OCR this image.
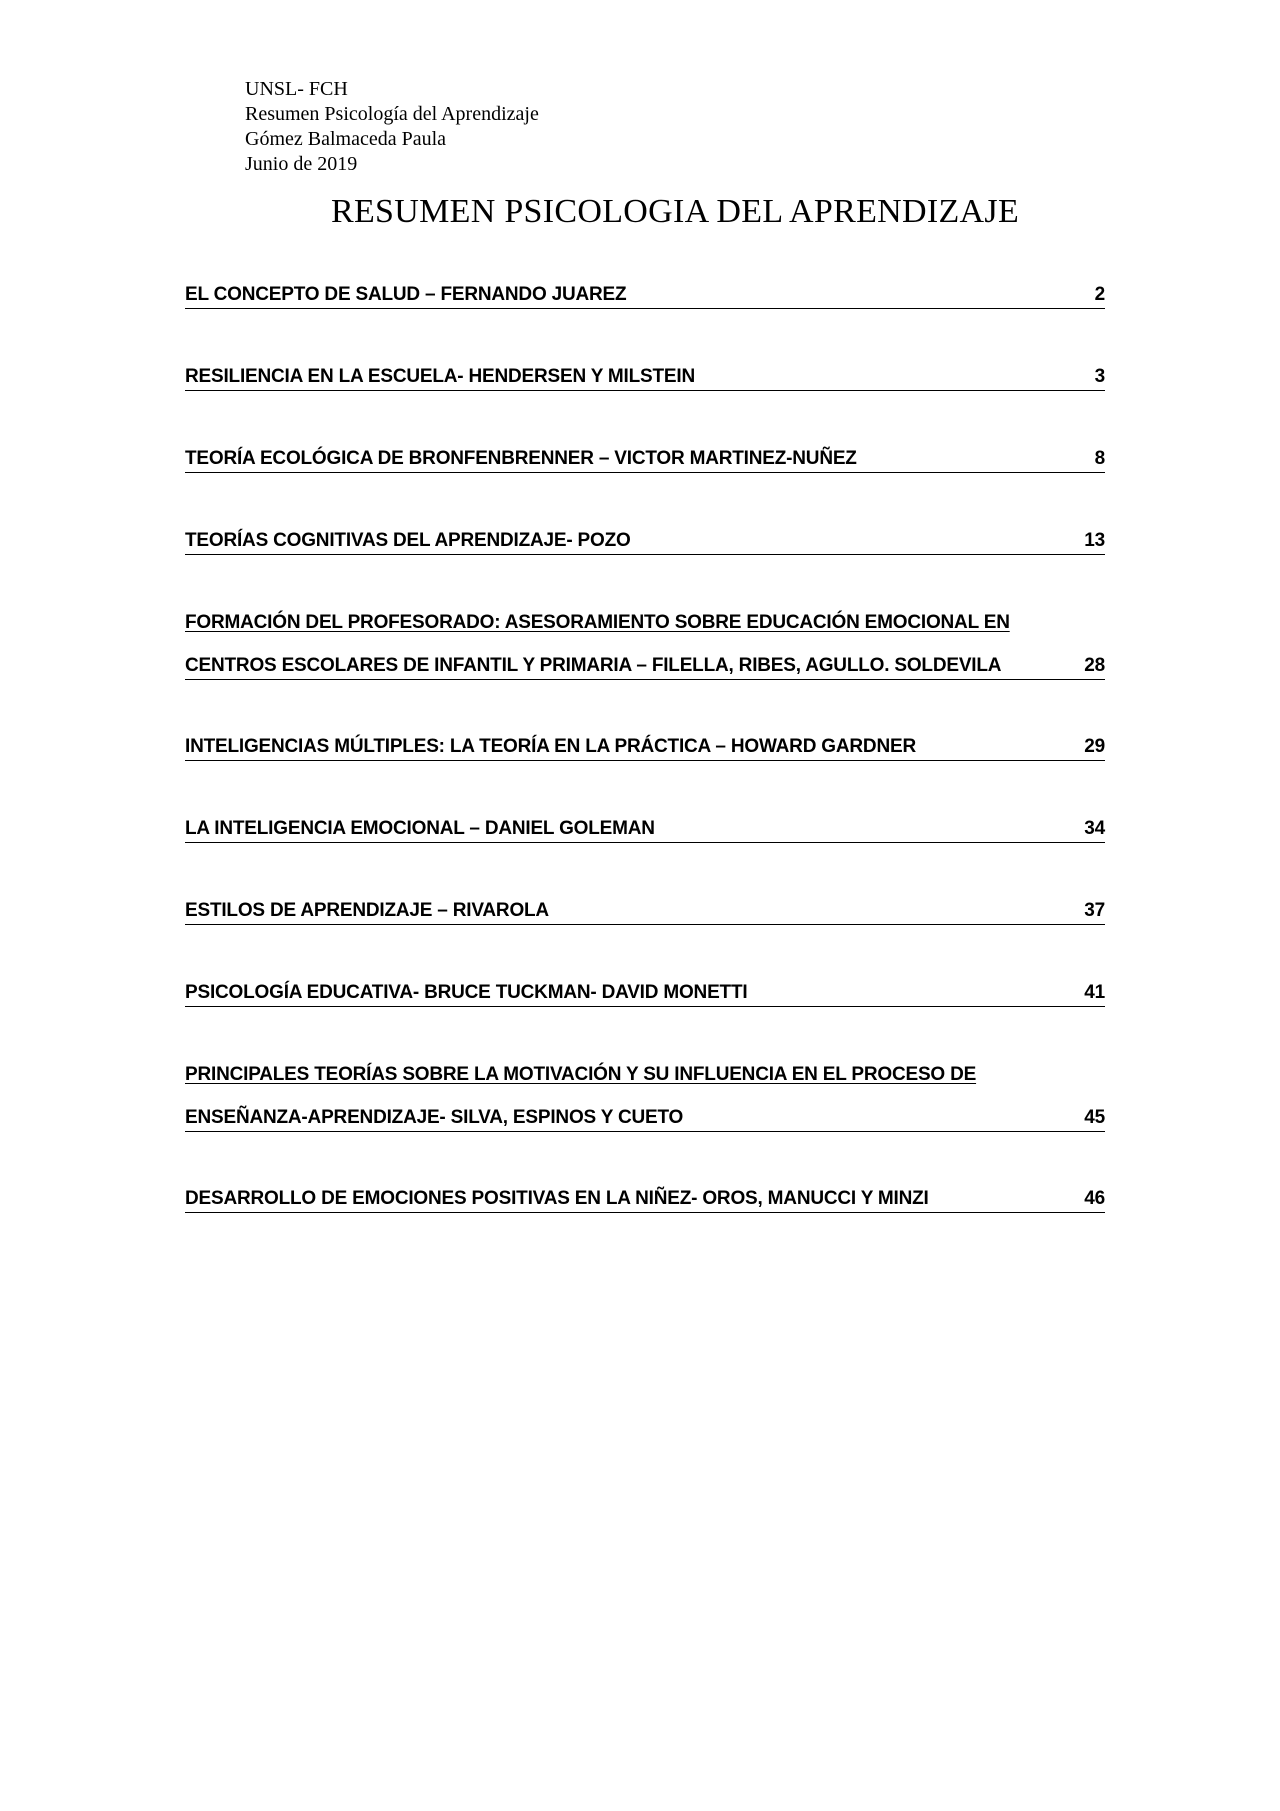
UNSL- FCH
Resumen Psicología del Aprendizaje
Gómez Balmaceda Paula
Junio de 2019
RESUMEN PSICOLOGIA DEL APRENDIZAJE
EL CONCEPTO DE SALUD – FERNANDO JUAREZ	2
RESILIENCIA EN LA ESCUELA- HENDERSEN Y MILSTEIN	3
TEORÍA ECOLÓGICA DE BRONFENBRENNER – VICTOR MARTINEZ-NUÑEZ	8
TEORÍAS COGNITIVAS DEL APRENDIZAJE- POZO	13
FORMACIÓN DEL PROFESORADO: ASESORAMIENTO SOBRE EDUCACIÓN EMOCIONAL EN
CENTROS ESCOLARES DE INFANTIL Y PRIMARIA – FILELLA, RIBES, AGULLO. SOLDEVILA	28
INTELIGENCIAS MÚLTIPLES: LA TEORÍA EN LA PRÁCTICA – HOWARD GARDNER	29
LA INTELIGENCIA EMOCIONAL – DANIEL GOLEMAN	34
ESTILOS DE APRENDIZAJE – RIVAROLA	37
PSICOLOGÍA EDUCATIVA- BRUCE TUCKMAN- DAVID MONETTI	41
PRINCIPALES TEORÍAS SOBRE LA MOTIVACIÓN Y SU INFLUENCIA EN EL PROCESO DE
ENSEÑANZA-APRENDIZAJE- SILVA, ESPINOS Y CUETO	45
DESARROLLO DE EMOCIONES POSITIVAS EN LA NIÑEZ- OROS, MANUCCI Y MINZI	46
